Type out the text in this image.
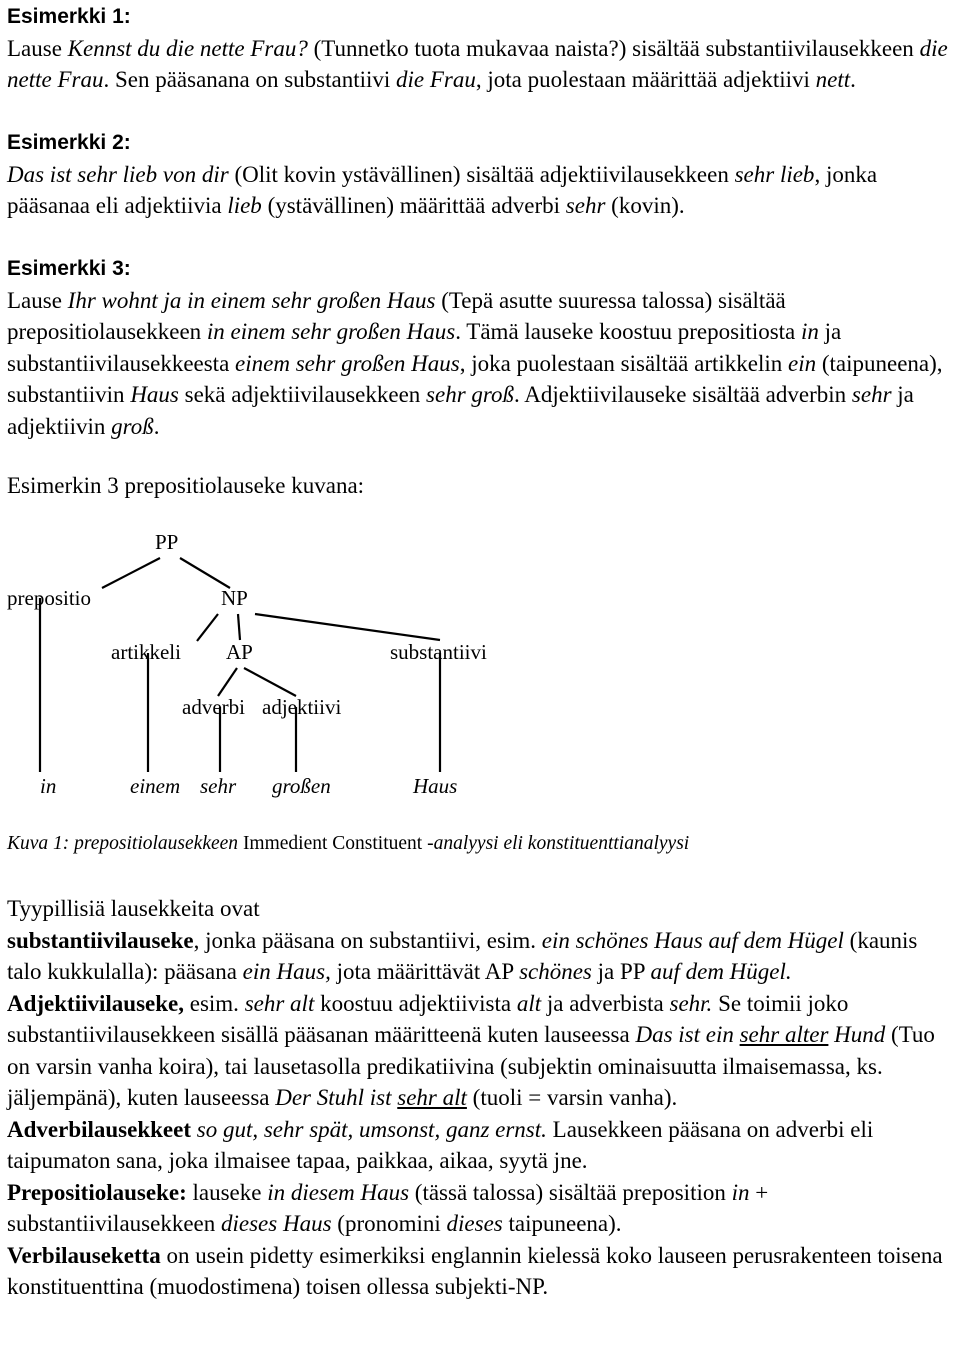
Esimerkki 1:
Lause Kennst du die nette Frau? (Tunnetko tuota mukavaa naista?) sisältää substantiivilausekkeen die nette Frau. Sen pääsanana on substantiivi die Frau, jota puolestaan määrittää adjektiivi nett.
Esimerkki 2:
Das ist sehr lieb von dir (Olit kovin ystävällinen) sisältää adjektiivilausekkeen sehr lieb, jonka pääsanaa eli adjektiivia lieb (ystävällinen) määrittää adverbi sehr (kovin).
Esimerkki 3:
Lause Ihr wohnt ja in einem sehr großen Haus (Tepä asutte suuressa talossa) sisältää prepositiolausekkeen in einem sehr großen Haus. Tämä lauseke koostuu prepositiosta in ja substantiivilausekkeesta einem sehr großen Haus, joka puolestaan sisältää artikkelin ein (taipuneena), substantiivin Haus sekä adjektiivilausekkeen sehr groß. Adjektiivilauseke sisältää adverbin sehr ja adjektiivin groß.
Esimerkin 3 prepositiolauseke kuvana:
PP
prepositio	NP
artikkeli AP	substantiivi
adverbi adjektiivi
in	einem sehr großen	Haus
Kuva 1: prepositiolausekkeen Immedient Constituent -analyysi eli konstituenttianalyysi
Tyypillisiä lausekkeita ovat
substantiivilauseke, jonka pääsana on substantiivi, esim. ein schönes Haus auf dem Hügel (kaunis talo kukkulalla): pääsana ein Haus, jota määrittävät AP schönes ja PP auf dem Hügel.
Adjektiivilauseke, esim. sehr alt koostuu adjektiivista alt ja adverbista sehr. Se toimii joko substantiivilausekkeen sisällä pääsanan määritteenä kuten lauseessa Das ist ein sehr alter Hund (Tuo on varsin vanha koira), tai lausetasolla predikatiivina (subjektin ominaisuutta ilmaisemassa, ks. jäljempänä), kuten lauseessa Der Stuhl ist sehr alt (tuoli = varsin vanha).
Adverbilausekkeet so gut, sehr spät, umsonst, ganz ernst. Lausekkeen pääsana on adverbi eli taipumaton sana, joka ilmaisee tapaa, paikkaa, aikaa, syytä jne.
Prepositiolauseke: lauseke in diesem Haus (tässä talossa) sisältää preposition in + substantiivilausekkeen dieses Haus (pronomini dieses taipuneena).
Verbilauseketta on usein pidetty esimerkiksi englannin kielessä koko lauseen perusrakenteen toisena konstituenttina (muodostimena) toisen ollessa subjekti-NP.
